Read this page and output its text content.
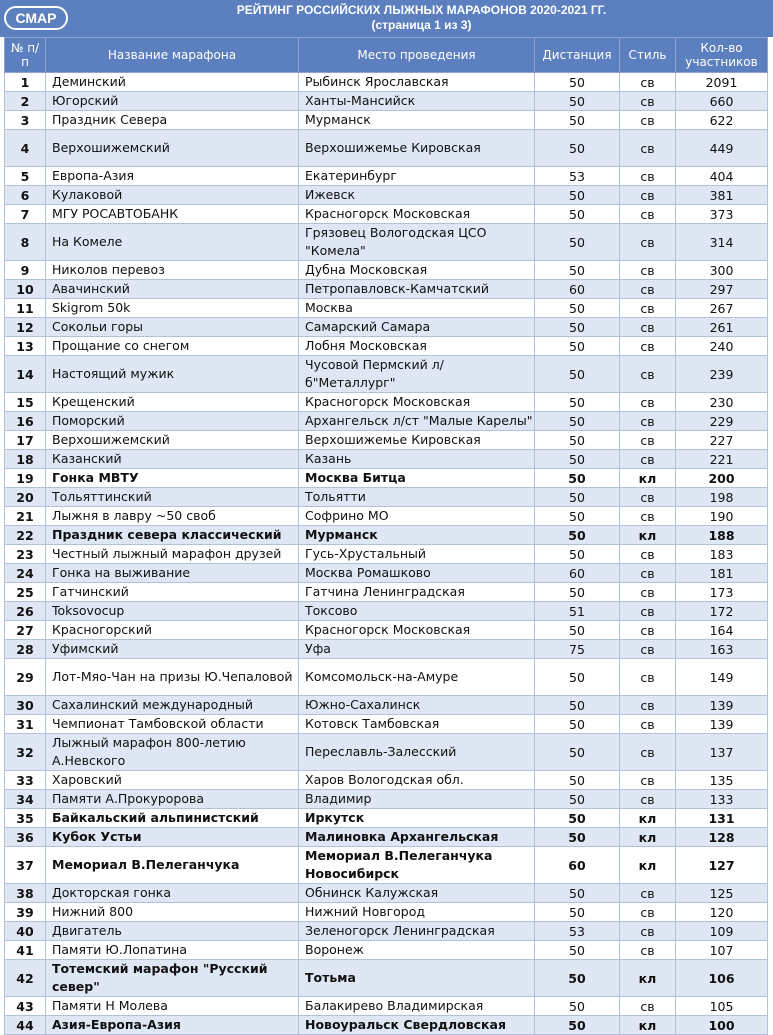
СМАР	РЕЙТИНГ РОССИЙСКИХ ЛЫЖНЫХ МАРАФОНОВ 2020-2021 ГГ.
(страница 1 из 3)
№ п/п	Название марафона	Место проведения	Дистанция	Стиль	Кол-во участников
1	Деминский	Рыбинск Ярославская	50	св	2091
2	Югорский	Ханты-Мансийск	50	св	660
3	Праздник Севера	Мурманск	50	св	622
4	Верхошижемский	Верхошижемье Кировская	50	св	449
5	Европа-Азия	Екатеринбург	53	св	404
6	Кулаковой	Ижевск	50	св	381
7	МГУ РОСАВТОБАНК	Красногорск Московская	50	св	373
8	На Комеле	Грязовец Вологодская ЦСО "Комела"	50	св	314
9	Николов перевоз	Дубна Московская	50	св	300
10	Авачинский	Петропавловск-Камчатский	60	св	297
11	Skigrom 50k	Москва	50	св	267
12	Сокольи горы	Самарский Самара	50	св	261
13	Прощание со снегом	Лобня Московская	50	св	240
14	Настоящий мужик	Чусовой Пермский л/б"Металлург"	50	св	239
15	Крещенский	Красногорск Московская	50	св	230
16	Поморский	Архангельск л/ст "Малые Карелы"	50	св	229
17	Верхошижемский	Верхошижемье Кировская	50	св	227
18	Казанский	Казань	50	св	221
19	Гонка МВТУ	Москва Битца	50	кл	200
20	Тольяттинский	Тольятти	50	св	198
21	Лыжня в лавру ~50 своб	Софрино МО	50	св	190
22	Праздник севера классический	Мурманск	50	кл	188
23	Честный лыжный марафон друзей	Гусь-Хрустальный	50	св	183
24	Гонка на выживание	Москва Ромашково	60	св	181
25	Гатчинский	Гатчина Ленинградская	50	св	173
26	Toksovocup	Токсово	51	св	172
27	Красногорский	Красногорск Московская	50	св	164
28	Уфимский	Уфа	75	св	163
29	Лот-Мяо-Чан на призы Ю.Чепаловой	Комсомольск-на-Амуре	50	св	149
30	Сахалинский международный	Южно-Сахалинск	50	св	139
31	Чемпионат Тамбовской области	Котовск Тамбовская	50	св	139
32	Лыжный марафон 800-летию А.Невского	Переславль-Залесский	50	св	137
33	Харовский	Харов Вологодская обл.	50	св	135
34	Памяти А.Прокуророва	Владимир	50	св	133
35	Байкальский альпинистский	Иркутск	50	кл	131
36	Кубок Устьи	Малиновка Архангельская	50	кл	128
37	Мемориал В.Пелеганчука	Мемориал В.Пелеганчука Новосибирск	60	кл	127
38	Докторская гонка	Обнинск Калужская	50	св	125
39	Нижний 800	Нижний Новгород	50	св	120
40	Двигатель	Зеленогорск Ленинградская	53	св	109
41	Памяти Ю.Лопатина	Воронеж	50	св	107
42	Тотемский марафон "Русский север"	Тотьма	50	кл	106
43	Памяти Н Молева	Балакирево Владимирская	50	св	105
44	Азия-Европа-Азия	Новоуральск Свердловская	50	кл	100
